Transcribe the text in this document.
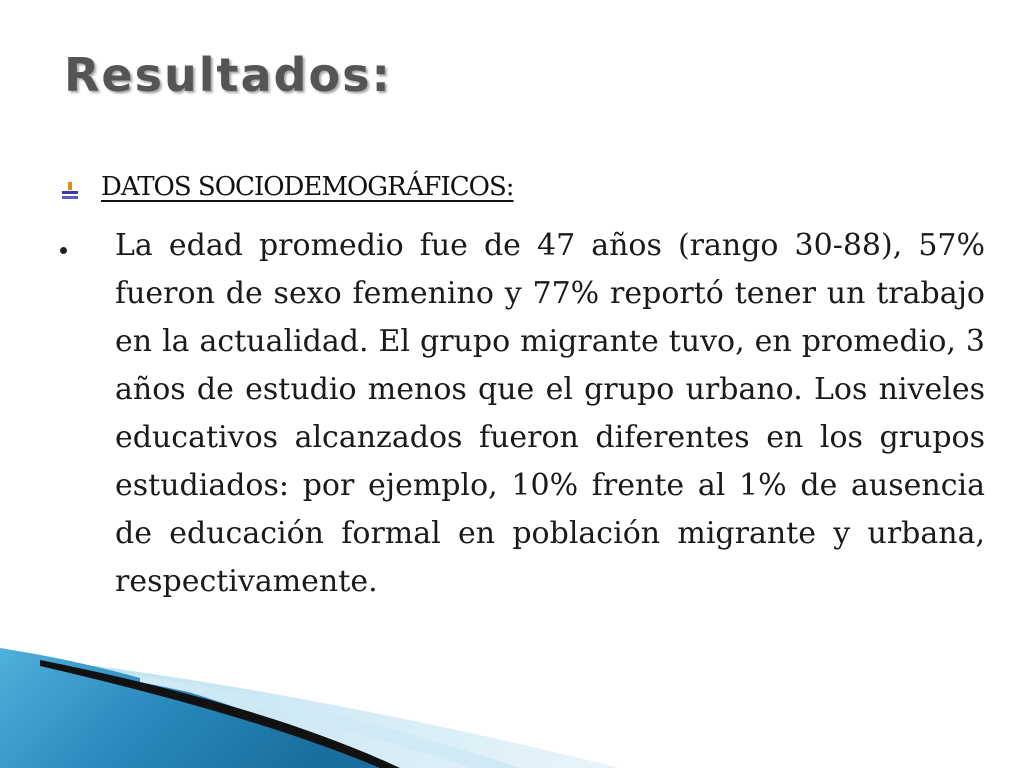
Resultados:
DATOS SOCIODEMOGRÁFICOS:

La edad promedio fue de 47 años (rango 30-88), 57% fueron de sexo femenino y 77% reportó tener un trabajo en la actualidad. El grupo migrante tuvo, en promedio, 3 años de estudio menos que el grupo urbano. Los niveles educativos alcanzados fueron diferentes en los grupos estudiados: por ejemplo, 10% frente al 1% de ausencia de educación formal en población migrante y urbana, respectivamente.
